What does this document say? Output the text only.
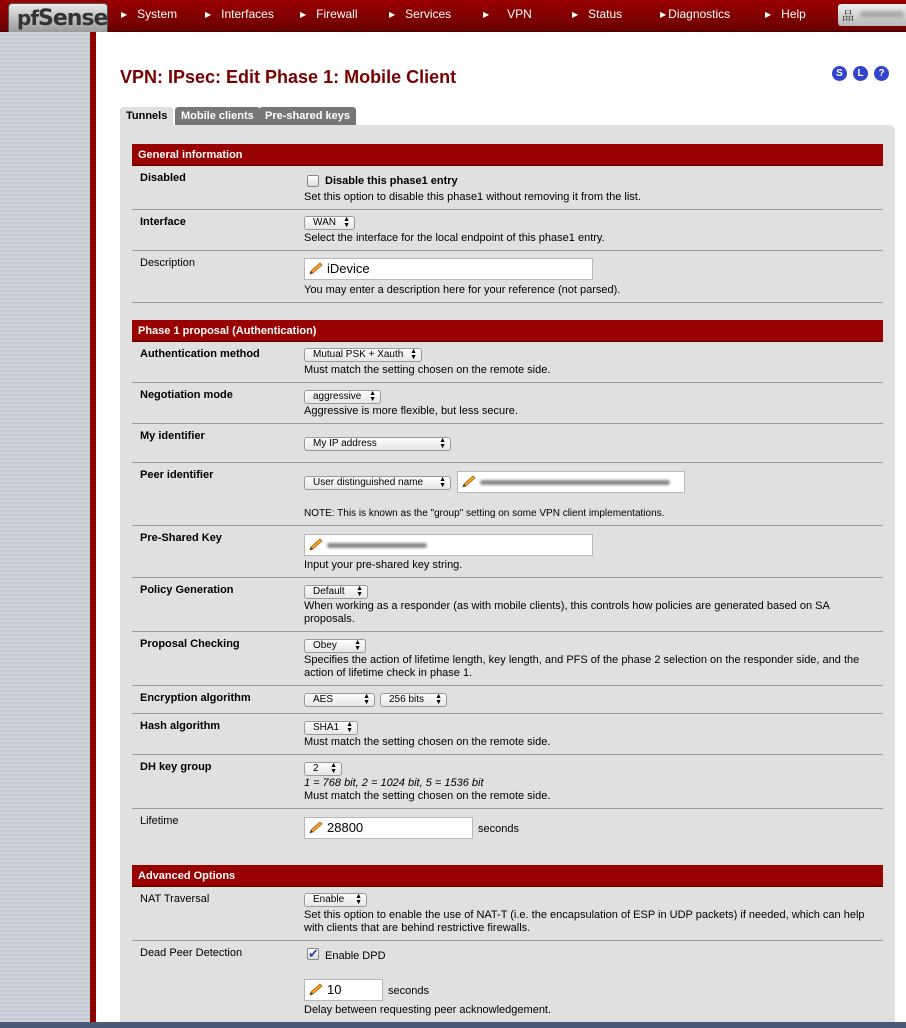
pfSense ▶ System	▶ Interfaces	▶ Firewall	▶ Services	▶ VPN	▶ Status	▶ Diagnostics	▶ Help	品
VPN: IPsec: Edit Phase 1: Mobile Client	S	L	?
Tunnels	Mobile clients	Pre-shared keys
General information
Disabled	Disable this phase1 entry
Set this option to disable this phase1 without removing it from the list.
Interface	WAN ▲
▼
Select the interface for the local endpoint of this phase1 entry.
Description	iDevice
You may enter a description here for your reference (not parsed).
Phase 1 proposal (Authentication)
Authentication method	Mutual PSK + Xauth ▲
▼
Must match the setting chosen on the remote side.
Negotiation mode	aggressive ▲
▼
Aggressive is more flexible, but less secure.
My identifier
My IP address	▲
▼
Peer identifier
User distinguished name ▲
▼
NOTE: This is known as the "group" setting on some VPN client implementations.
Pre-Shared Key
Input your pre-shared key string.
Policy Generation	Default ▲
▼
When working as a responder (as with mobile clients), this controls how policies are generated based on SA
proposals.
Proposal Checking	Obey ▲
▼
Specifies the action of lifetime length, key length, and PFS of the phase 2 selection on the responder side, and the
action of lifetime check in phase 1.
Encryption algorithm	AES	▲
▼	256 bits ▲
▼
Hash algorithm	SHA1 ▲
▼
Must match the setting chosen on the remote side.
DH key group	2 ▲
▼
1 = 768 bit, 2 = 1024 bit, 5 = 1536 bit
Must match the setting chosen on the remote side.
Lifetime	28800	seconds
Advanced Options
NAT Traversal	Enable ▲
▼
Set this option to enable the use of NAT-T (i.e. the encapsulation of ESP in UDP packets) if needed, which can help
with clients that are behind restrictive firewalls.
Dead Peer Detection
✔	Enable DPD
10	seconds
Delay between requesting peer acknowledgement.
